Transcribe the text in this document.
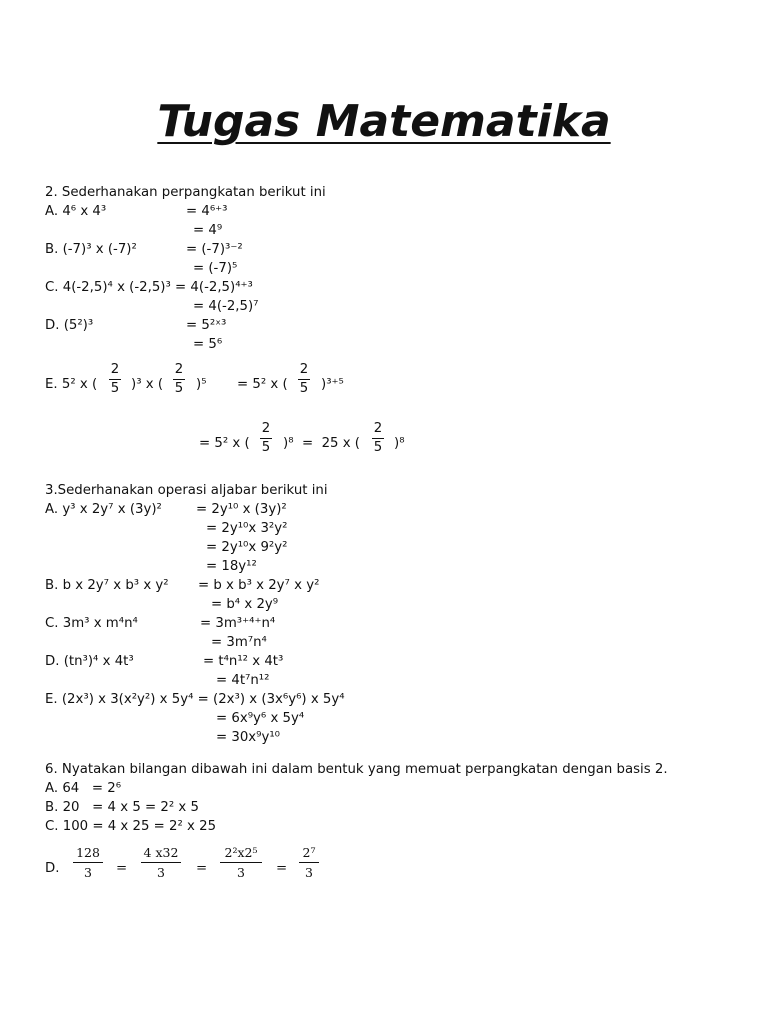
Tugas Matematika
2. Sederhanakan perpangkatan berikut ini
A. 4⁶ x 4³	= 4⁶⁺³
= 4⁹
B. (-7)³ x (-7)²	= (-7)³⁻²
= (-7)⁵
C. 4(-2,5)⁴ x (-2,5)³ = 4(-2,5)⁴⁺³
= 4(-2,5)⁷
D. (5²)³	= 5²ˣ³
= 5⁶
E. 5² x (
2
5 )³ x (
2
5 )⁵ = 5² x (
2
5 )³⁺⁵
= 5² x (
2
5 )⁸  =  25 x (
2
5 )⁸
3.Sederhanakan operasi aljabar berikut ini
A. y³ x 2y⁷ x (3y)²	= 2y¹⁰ x (3y)²
= 2y¹⁰x 3²y²
= 2y¹⁰x 9²y²
= 18y¹²
B. b x 2y⁷ x b³ x y² = b x b³ x 2y⁷ x y²
= b⁴ x 2y⁹
C. 3m³ x m⁴n⁴	= 3m³⁺⁴⁺n⁴
= 3m⁷n⁴
D. (tn³)⁴ x 4t³	= t⁴n¹² x 4t³
= 4t⁷n¹²
E. (2x³) x 3(x²y²) x 5y⁴ = (2x³) x (3x⁶y⁶) x 5y⁴
= 6x⁹y⁶ x 5y⁴
= 30x⁹y¹⁰
6. Nyatakan bilangan dibawah ini dalam bentuk yang memuat perpangkatan dengan basis 2.
A. 64   = 2⁶
B. 20   = 4 x 5 = 2² x 5
C. 100 = 4 x 25 = 2² x 25
D.
128
3	=
4 x32
3	=
2²x2⁵
3	=
2⁷
3
